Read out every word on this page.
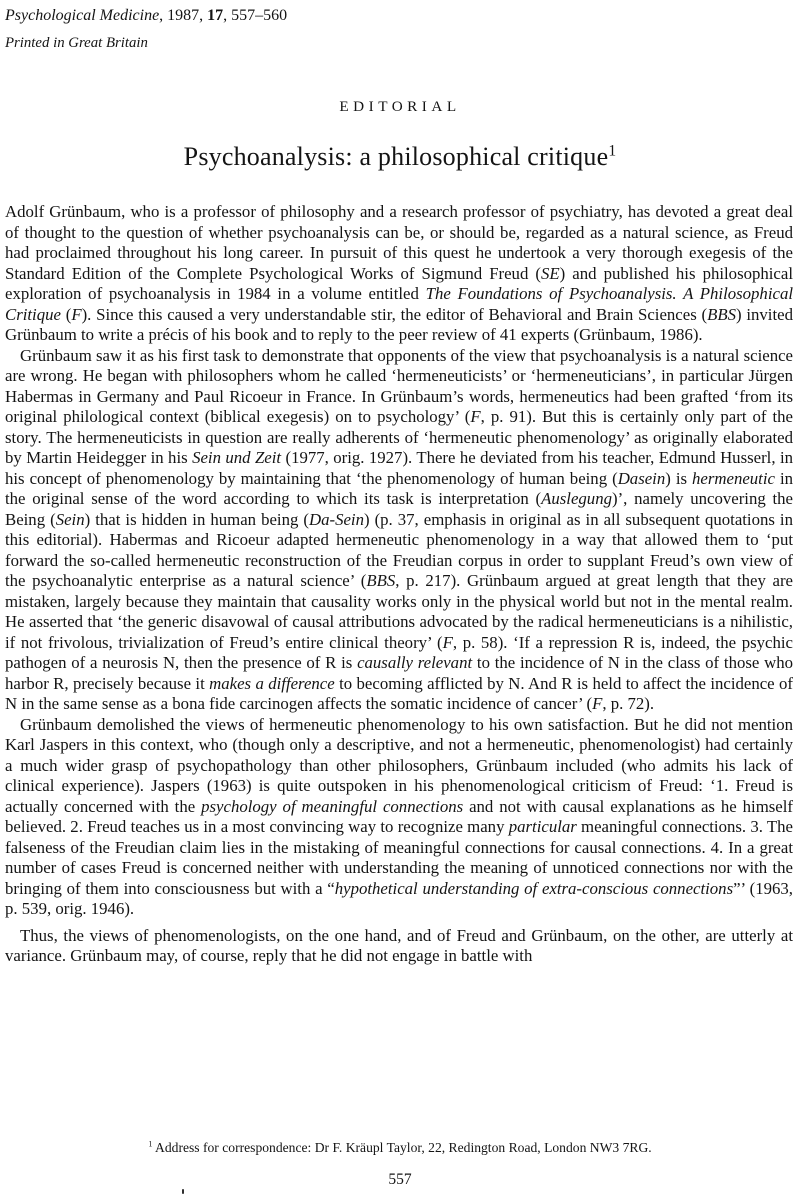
Psychological Medicine, 1987, 17, 557–560
Printed in Great Britain
EDITORIAL
Psychoanalysis: a philosophical critique$^1$

Adolf Grünbaum, who is a professor of philosophy and a research professor of psychiatry, has devoted a great deal of thought to the question of whether psychoanalysis can be, or should be, regarded as a natural science, as Freud had proclaimed throughout his long career. In pursuit of this quest he undertook a very thorough exegesis of the Standard Edition of the Complete Psychological Works of Sigmund Freud (SE) and published his philosophical exploration of psychoanalysis in 1984 in a volume entitled The Foundations of Psychoanalysis. A Philosophical Critique (F). Since this caused a very understandable stir, the editor of Behavioral and Brain Sciences (BBS) invited Grünbaum to write a précis of his book and to reply to the peer review of 41 experts (Grünbaum, 1986).

Grünbaum saw it as his first task to demonstrate that opponents of the view that psychoanalysis is a natural science are wrong. He began with philosophers whom he called ‘hermeneuticists’ or ‘hermeneuticians’, in particular Jürgen Habermas in Germany and Paul Ricoeur in France. In Grünbaum’s words, hermeneutics had been grafted ‘from its original philological context (biblical exegesis) on to psychology’ (F, p. 91). But this is certainly only part of the story. The hermeneuticists in question are really adherents of ‘hermeneutic phenomenology’ as originally elaborated by Martin Heidegger in his Sein und Zeit (1977, orig. 1927). There he deviated from his teacher, Edmund Husserl, in his concept of phenomenology by maintaining that ‘the phenomenology of human being (Dasein) is hermeneutic in the original sense of the word according to which its task is interpretation (Auslegung)’, namely uncovering the Being (Sein) that is hidden in human being (Da-Sein) (p. 37, emphasis in original as in all subsequent quotations in this editorial). Habermas and Ricoeur adapted hermeneutic phenomenology in a way that allowed them to ‘put forward the so-called hermeneutic reconstruction of the Freudian corpus in order to supplant Freud’s own view of the psychoanalytic enterprise as a natural science’ (BBS, p. 217). Grünbaum argued at great length that they are mistaken, largely because they maintain that causality works only in the physical world but not in the mental realm. He asserted that ‘the generic disavowal of causal attributions advocated by the radical hermeneuticians is a nihilistic, if not frivolous, trivialization of Freud’s entire clinical theory’ (F, p. 58). ‘If a repression R is, indeed, the psychic pathogen of a neurosis N, then the presence of R is causally relevant to the incidence of N in the class of those who harbor R, precisely because it makes a difference to becoming afflicted by N. And R is held to affect the incidence of N in the same sense as a bona fide carcinogen affects the somatic incidence of cancer’ (F, p. 72).

Grünbaum demolished the views of hermeneutic phenomenology to his own satisfaction. But he did not mention Karl Jaspers in this context, who (though only a descriptive, and not a hermeneutic, phenomenologist) had certainly a much wider grasp of psychopathology than other philosophers, Grünbaum included (who admits his lack of clinical experience). Jaspers (1963) is quite outspoken in his phenomenological criticism of Freud: ‘1. Freud is actually concerned with the psychology of meaningful connections and not with causal explanations as he himself believed. 2. Freud teaches us in a most convincing way to recognize many particular meaningful connections. 3. The falseness of the Freudian claim lies in the mistaking of meaningful connections for causal connections. 4. In a great number of cases Freud is concerned neither with understanding the meaning of unnoticed connections nor with the bringing of them into consciousness but with a “hypothetical understanding of extra-conscious connections”’ (1963, p. 539, orig. 1946).

Thus, the views of phenomenologists, on the one hand, and of Freud and Grünbaum, on the other, are utterly at variance. Grünbaum may, of course, reply that he did not engage in battle with

$^1$ Address for correspondence: Dr F. Kräupl Taylor, 22, Redington Road, London NW3 7RG.
557
